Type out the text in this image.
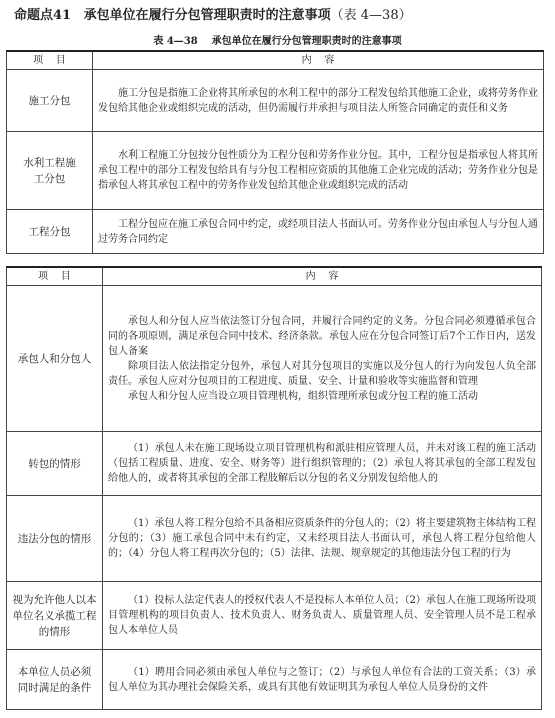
命题点41 承包单位在履行分包管理职责时的注意事项（表 4—38）
表 4—38    承包单位在履行分包管理职责时的注意事项
项    目	内    容
施工分包	施工分包是指施工企业将其所承包的水利工程中的部分工程发包给其他施工企业，或将劳务作业发包给其他企业或组织完成的活动，但仍需履行并承担与项目法人所签合同确定的责任和义务

水利工程施工分包	水利工程施工分包按分包性质分为工程分包和劳务作业分包。其中，工程分包是指承包人将其所承包工程中的部分工程发包给具有与分包工程相应资质的其他施工企业完成的活动；劳务作业分包是指承包人将其承包工程中的劳务作业发包给其他企业或组织完成的活动

工程分包	工程分包应在施工承包合同中约定，或经项目法人书面认可。劳务作业分包由承包人与分包人通过劳务合同约定

项    目	内    容
承包人和分包人	承包人和分包人应当依法签订分包合同，并履行合同约定的义务。分包合同必须遵循承包合同的各项原则，满足承包合同中技术、经济条款。承包人应在分包合同签订后7个工作日内，送发包人备案

除项目法人依法指定分包外，承包人对其分包项目的实施以及分包人的行为向发包人负全部责任。承包人应对分包项目的工程进度、质量、安全、计量和验收等实施监督和管理

承包人和分包人应当设立项目管理机构，组织管理所承包或分包工程的施工活动

转包的情形	（1）承包人未在施工现场设立项目管理机构和派驻相应管理人员，并未对该工程的施工活动（包括工程质量、进度、安全、财务等）进行组织管理的；（2）承包人将其承包的全部工程发包给他人的，或者将其承包的全部工程肢解后以分包的名义分别发包给他人的

违法分包的情形	（1）承包人将工程分包给不具备相应资质条件的分包人的；（2）将主要建筑物主体结构工程分包的；（3）施工承包合同中未有约定，又未经项目法人书面认可，承包人将工程分包给他人的；（4）分包人将工程再次分包的；（5）法律、法规、规章规定的其他违法分包工程的行为

视为允许他人以本单位名义承揽工程的情形	（1）投标人法定代表人的授权代表人不是投标人本单位人员；（2）承包人在施工现场所设项目管理机构的项目负责人、技术负责人、财务负责人、质量管理人员、安全管理人员不是工程承包人本单位人员

本单位人员必须同时满足的条件	（1）聘用合同必须由承包人单位与之签订；（2）与承包人单位有合法的工资关系；（3）承包人单位为其办理社会保险关系，或具有其他有效证明其为承包人单位人员身份的文件
